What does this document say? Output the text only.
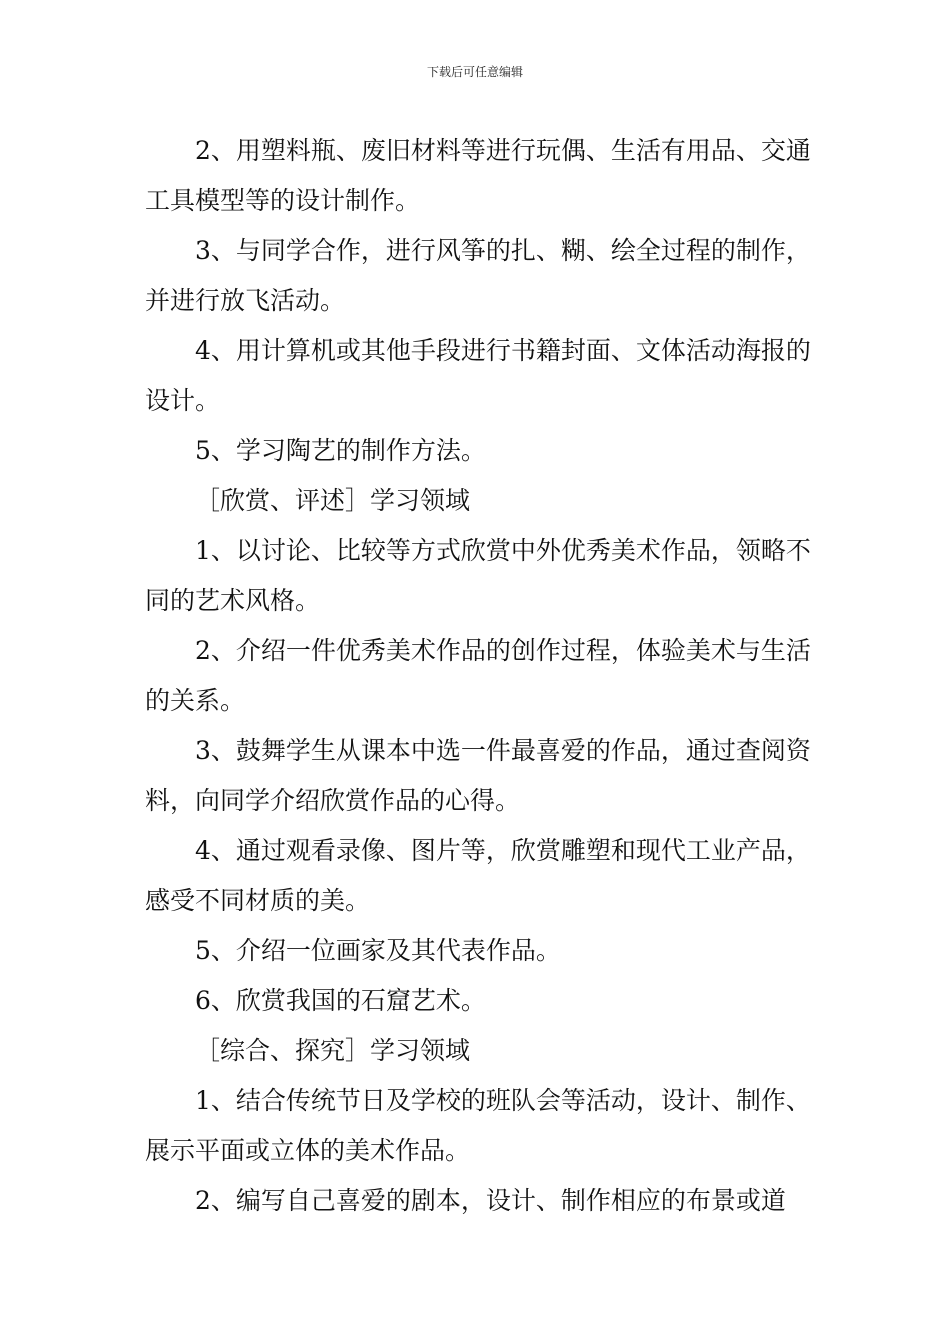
下载后可任意编辑

2、用塑料瓶、废旧材料等进行玩偶、生活有用品、交通工具模型等的设计制作。

3、与同学合作，进行风筝的扎、糊、绘全过程的制作，并进行放飞活动。

4、用计算机或其他手段进行书籍封面、文体活动海报的设计。

5、学习陶艺的制作方法。

［欣赏、评述］学习领域

1、以讨论、比较等方式欣赏中外优秀美术作品，领略不同的艺术风格。

2、介绍一件优秀美术作品的创作过程，体验美术与生活的关系。

3、鼓舞学生从课本中选一件最喜爱的作品，通过查阅资料，向同学介绍欣赏作品的心得。

4、通过观看录像、图片等，欣赏雕塑和现代工业产品，感受不同材质的美。

5、介绍一位画家及其代表作品。

6、欣赏我国的石窟艺术。

［综合、探究］学习领域

1、结合传统节日及学校的班队会等活动，设计、制作、展示平面或立体的美术作品。

2、编写自己喜爱的剧本，设计、制作相应的布景或道
